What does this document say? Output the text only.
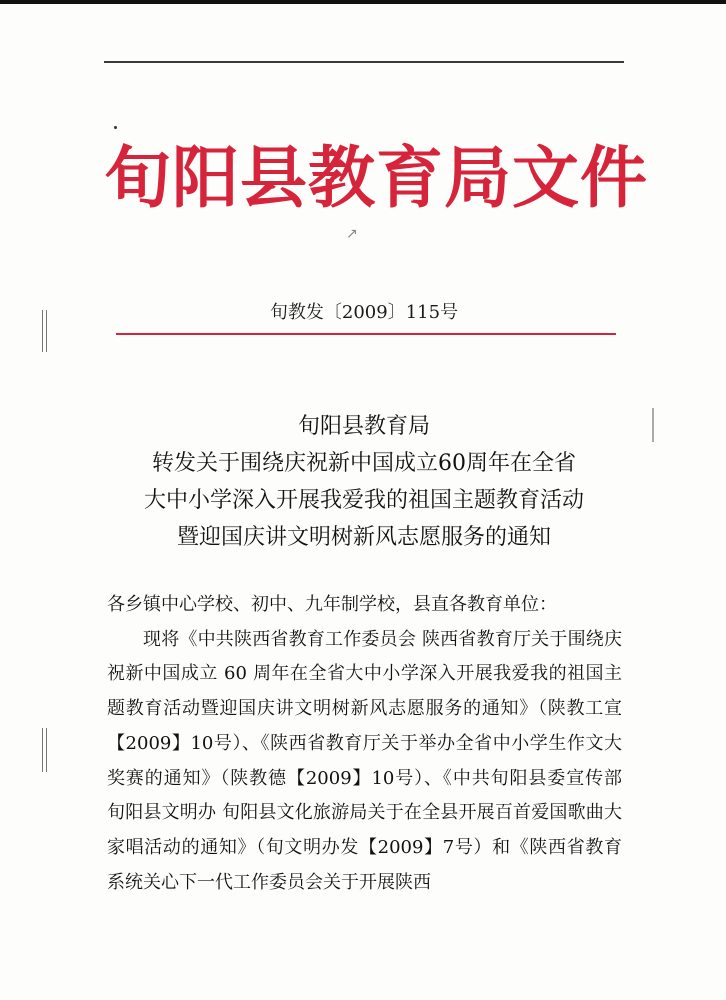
旬阳县教育局文件
↗
旬教发〔2009〕115号
旬阳县教育局
转发关于围绕庆祝新中国成立60周年在全省
大中小学深入开展我爱我的祖国主题教育活动
暨迎国庆讲文明树新风志愿服务的通知
各乡镇中心学校、初中、九年制学校，县直各教育单位：

现将《中共陕西省教育工作委员会 陕西省教育厅关于围绕庆祝新中国成立 60 周年在全省大中小学深入开展我爱我的祖国主题教育活动暨迎国庆讲文明树新风志愿服务的通知》（陕教工宣【2009】10号）、《陕西省教育厅关于举办全省中小学生作文大奖赛的通知》（陕教德【2009】10号）、《中共旬阳县委宣传部 旬阳县文明办 旬阳县文化旅游局关于在全县开展百首爱国歌曲大家唱活动的通知》（旬文明办发【2009】7号）和《陕西省教育系统关心下一代工作委员会关于开展陕西
